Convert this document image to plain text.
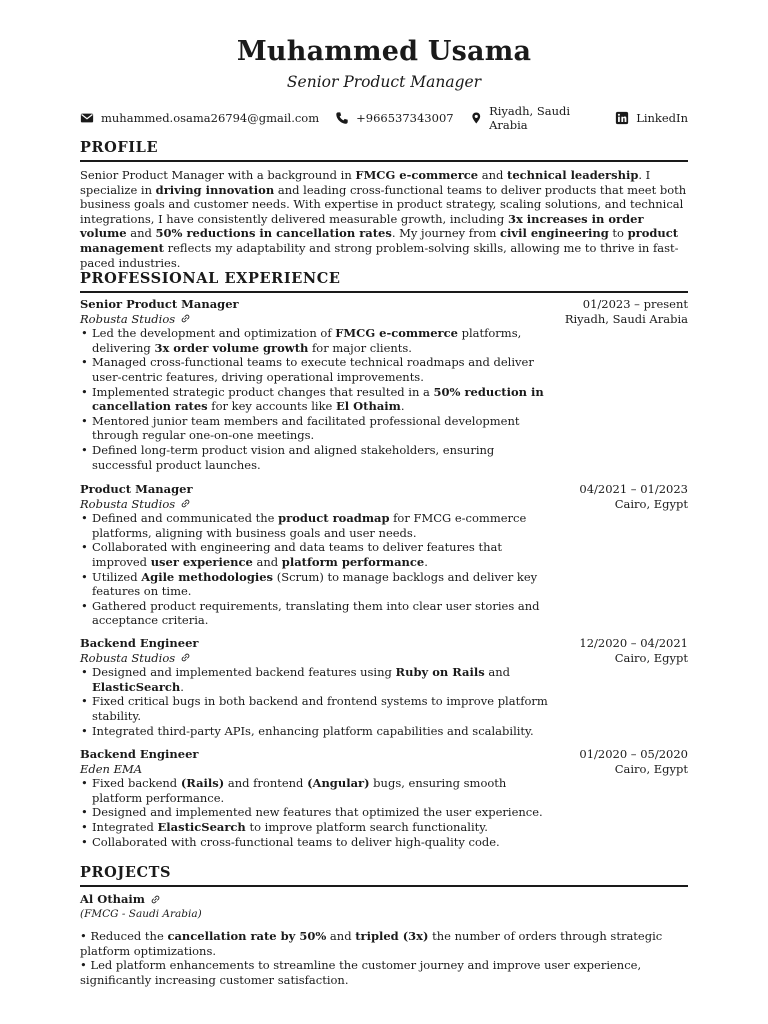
Muhammed Usama
Senior Product Manager
muhammed.osama26794@gmail.com	+966537343007	Riyadh, Saudi Arabia	LinkedIn
PROFILE
Senior Product Manager with a background in FMCG e-commerce and technical leadership. I specialize in driving innovation and leading cross-functional teams to deliver products that meet both business goals and customer needs. With expertise in product strategy, scaling solutions, and technical integrations, I have consistently delivered measurable growth, including 3x increases in order volume and 50% reductions in cancellation rates. My journey from civil engineering to product management reflects my adaptability and strong problem-solving skills, allowing me to thrive in fast-paced industries.
PROFESSIONAL EXPERIENCE
Senior Product Manager	01/2023 – present
Robusta Studios	Riyadh, Saudi Arabia
• Led the development and optimization of FMCG e-commerce platforms, delivering 3x order volume growth for major clients.
• Managed cross-functional teams to execute technical roadmaps and deliver user-centric features, driving operational improvements.
• Implemented strategic product changes that resulted in a 50% reduction in cancellation rates for key accounts like El Othaim.
• Mentored junior team members and facilitated professional development through regular one-on-one meetings.
• Defined long-term product vision and aligned stakeholders, ensuring successful product launches.
Product Manager	04/2021 – 01/2023
Robusta Studios	Cairo, Egypt
• Defined and communicated the product roadmap for FMCG e-commerce platforms, aligning with business goals and user needs.
• Collaborated with engineering and data teams to deliver features that improved user experience and platform performance.
• Utilized Agile methodologies (Scrum) to manage backlogs and deliver key features on time.
• Gathered product requirements, translating them into clear user stories and acceptance criteria.
Backend Engineer	12/2020 – 04/2021
Robusta Studios	Cairo, Egypt
• Designed and implemented backend features using Ruby on Rails and ElasticSearch.
• Fixed critical bugs in both backend and frontend systems to improve platform stability.
• Integrated third-party APIs, enhancing platform capabilities and scalability.
Backend Engineer	01/2020 – 05/2020
Eden EMA	Cairo, Egypt
• Fixed backend (Rails) and frontend (Angular) bugs, ensuring smooth platform performance.
• Designed and implemented new features that optimized the user experience.
• Integrated ElasticSearch to improve platform search functionality.
• Collaborated with cross-functional teams to deliver high-quality code.
PROJECTS
Al Othaim
(FMCG - Saudi Arabia)
• Reduced the cancellation rate by 50% and tripled (3x) the number of orders through strategic platform optimizations.
• Led platform enhancements to streamline the customer journey and improve user experience, significantly increasing customer satisfaction.
